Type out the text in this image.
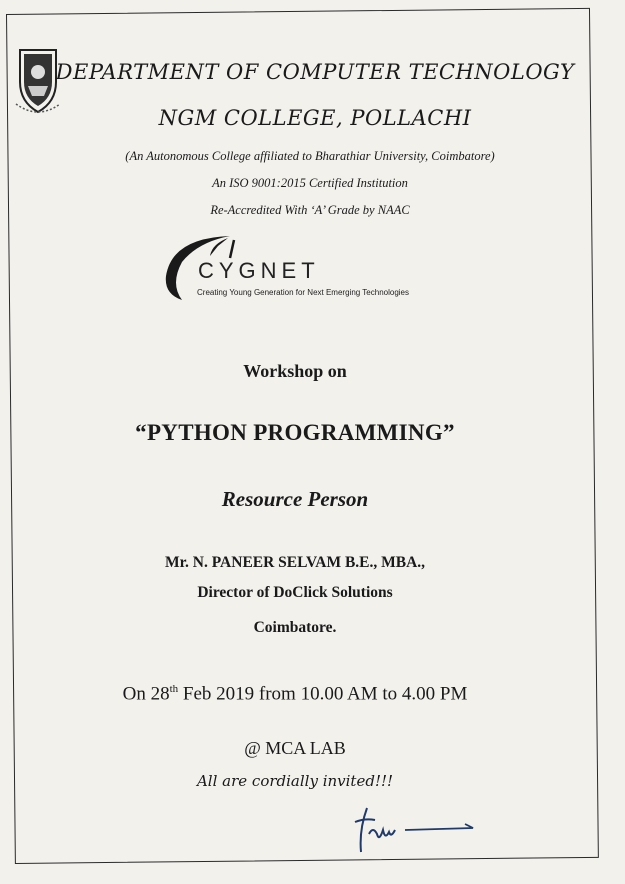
DEPARTMENT OF COMPUTER TECHNOLOGY
NGM COLLEGE, POLLACHI
(An Autonomous College affiliated to Bharathiar University, Coimbatore)
An ISO 9001:2015 Certified Institution
Re-Accredited With ‘A’ Grade by NAAC
CYGNET
Creating Young Generation for Next Emerging Technologies
Workshop on
“PYTHON PROGRAMMING”
Resource Person
Mr. N. PANEER SELVAM B.E., MBA.,
Director of DoClick Solutions
Coimbatore.
On 28th Feb 2019 from 10.00 AM to 4.00 PM
@ MCA LAB
All are cordially invited!!!
